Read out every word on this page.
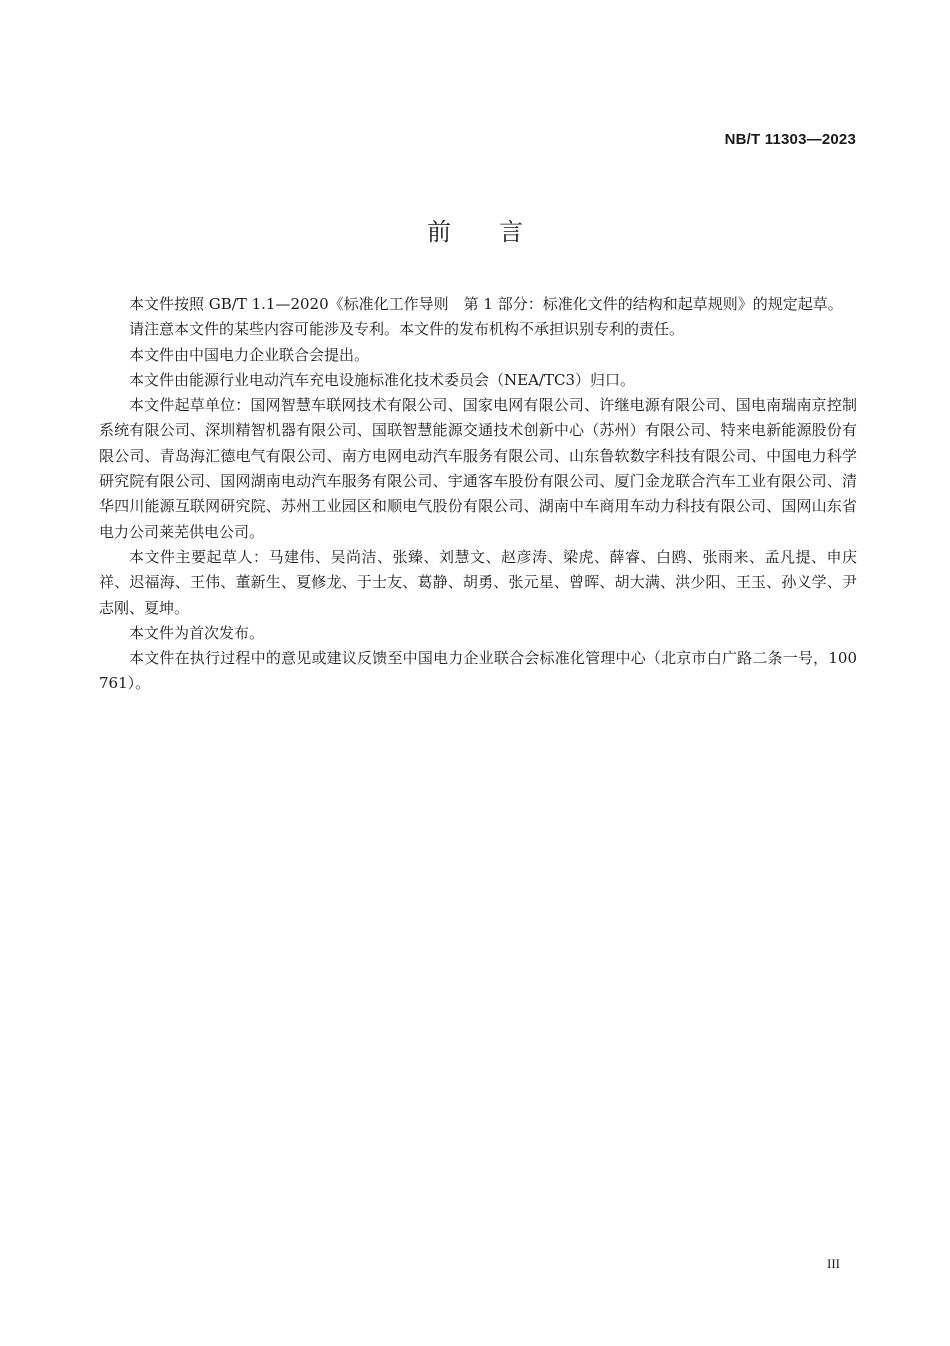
NB/T 11303—2023
前言

本文件按照 GB/T 1.1—2020《标准化工作导则　第 1 部分：标准化文件的结构和起草规则》的规定起草。

请注意本文件的某些内容可能涉及专利。本文件的发布机构不承担识别专利的责任。

本文件由中国电力企业联合会提出。

本文件由能源行业电动汽车充电设施标准化技术委员会（NEA/TC3）归口。

本文件起草单位：国网智慧车联网技术有限公司、国家电网有限公司、许继电源有限公司、国电南瑞南京控制系统有限公司、深圳精智机器有限公司、国联智慧能源交通技术创新中心（苏州）有限公司、特来电新能源股份有限公司、青岛海汇德电气有限公司、南方电网电动汽车服务有限公司、山东鲁软数字科技有限公司、中国电力科学研究院有限公司、国网湖南电动汽车服务有限公司、宇通客车股份有限公司、厦门金龙联合汽车工业有限公司、清华四川能源互联网研究院、苏州工业园区和顺电气股份有限公司、湖南中车商用车动力科技有限公司、国网山东省电力公司莱芜供电公司。

本文件主要起草人：马建伟、吴尚洁、张臻、刘慧文、赵彦涛、梁虎、薛睿、白鸥、张雨来、孟凡提、申庆祥、迟福海、王伟、董新生、夏修龙、于士友、葛静、胡勇、张元星、曾晖、胡大满、洪少阳、王玉、孙义学、尹志刚、夏坤。

本文件为首次发布。

本文件在执行过程中的意见或建议反馈至中国电力企业联合会标准化管理中心（北京市白广路二条一号，100761）。

III
